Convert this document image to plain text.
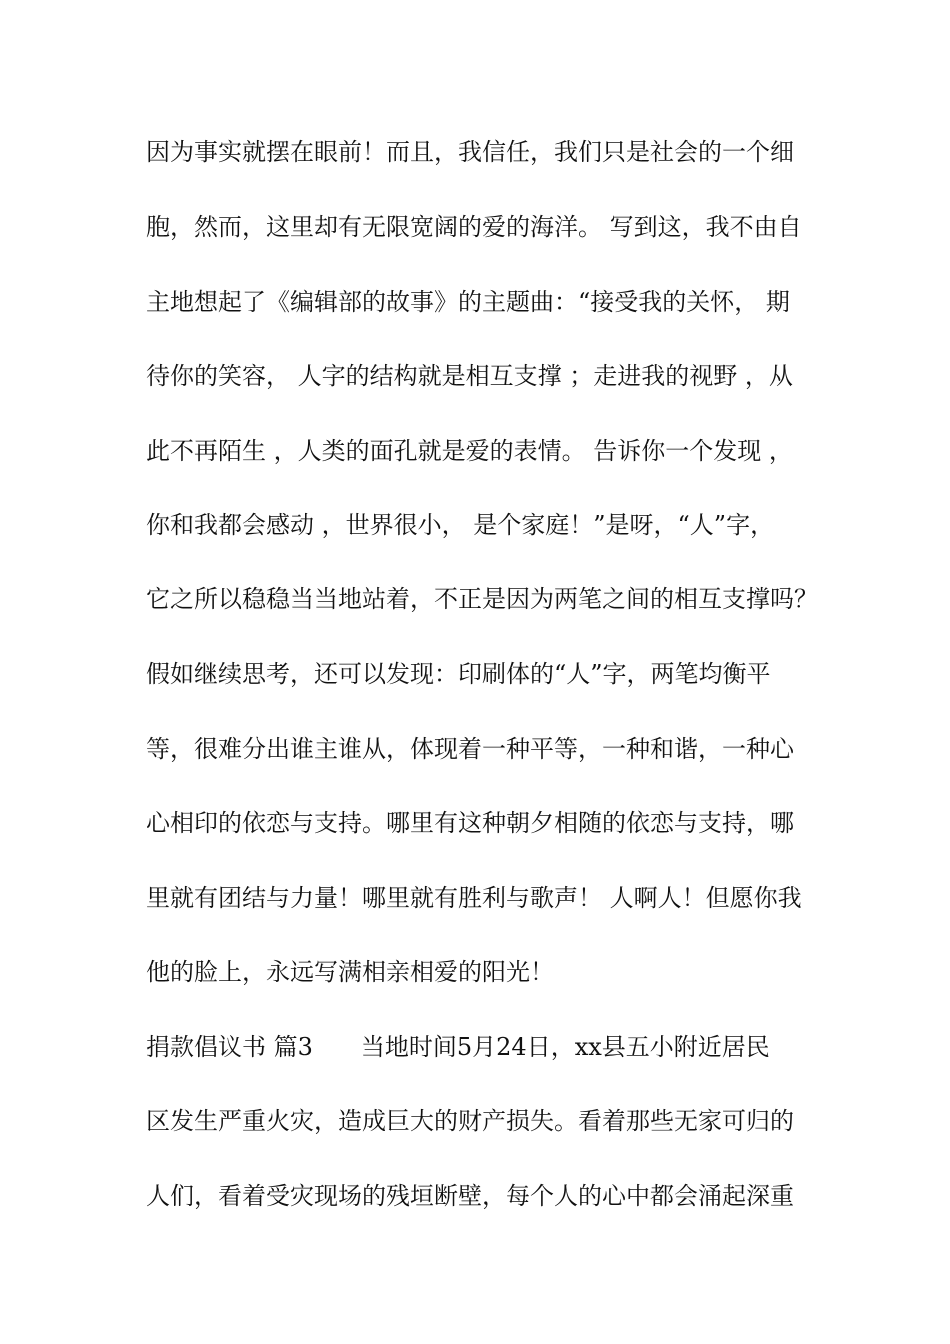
因为事实就摆在眼前！而且，我信任，我们只是社会的一个细

胞，然而，这里却有无限宽阔的爱的海洋。 写到这，我不由自

主地想起了《编辑部的故事》的主题曲：“接受我的关怀， 期

待你的笑容， 人字的结构就是相互支撑 ；走进我的视野 ，从

此不再陌生 ，人类的面孔就是爱的表情。 告诉你一个发现 ，

你和我都会感动 ，世界很小， 是个家庭！”是呀，“人”字，

它之所以稳稳当当地站着，不正是因为两笔之间的相互支撑吗？

假如继续思考，还可以发现：印刷体的“人”字，两笔均衡平

等，很难分出谁主谁从，体现着一种平等，一种和谐，一种心

心相印的依恋与支持。哪里有这种朝夕相随的依恋与支持，哪

里就有团结与力量！哪里就有胜利与歌声！ 人啊人！但愿你我

他的脸上，永远写满相亲相爱的阳光！

捐款倡议书 篇3　　当地时间5月24日，xx县五小附近居民

区发生严重火灾，造成巨大的财产损失。看着那些无家可归的

人们，看着受灾现场的残垣断壁，每个人的心中都会涌起深重
